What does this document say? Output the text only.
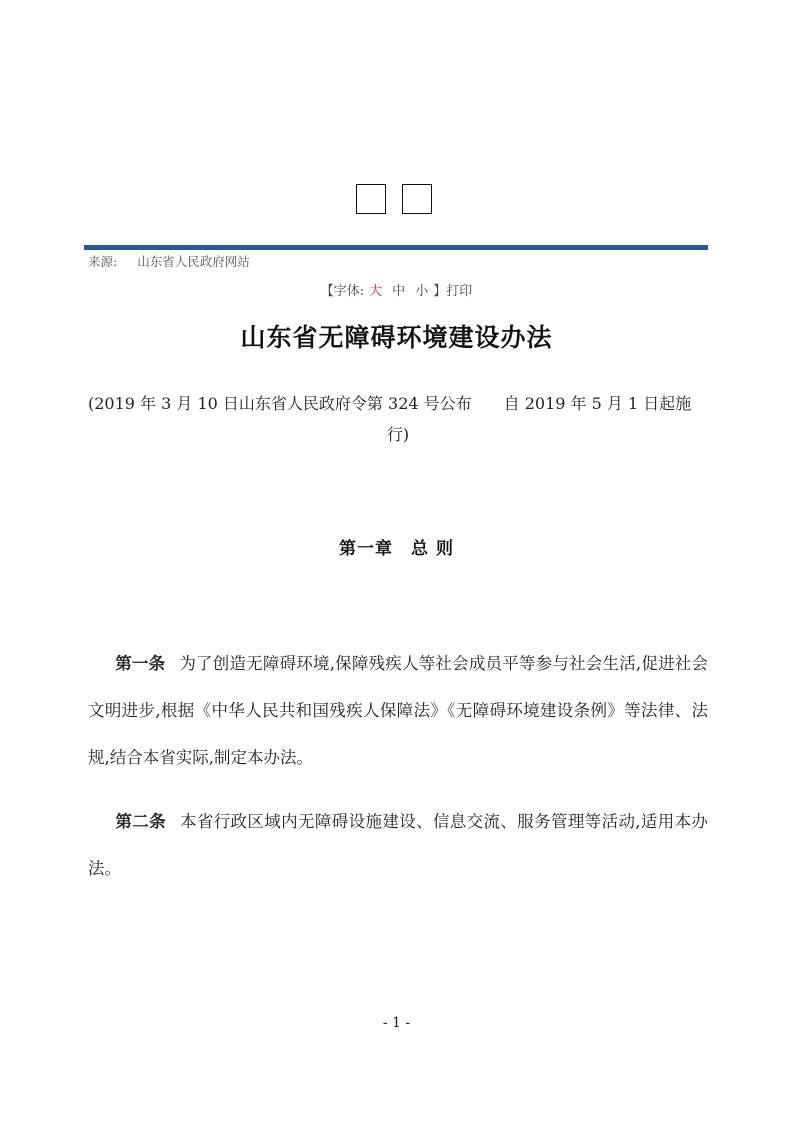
来源: 山东省人民政府网站
【字体: 大 中 小 】打印
山东省无障碍环境建设办法
(2019 年 3 月 10 日山东省人民政府令第 324 号公布　　自 2019 年 5 月 1 日起施
行)
第一章　总 则
第一条 为了创造无障碍环境,保障残疾人等社会成员平等参与社会生活,促进社会文明进步,根据《中华人民共和国残疾人保障法》《无障碍环境建设条例》等法律、法规,结合本省实际,制定本办法。
第二条 本省行政区域内无障碍设施建设、信息交流、服务管理等活动,适用本办法。
- 1 -
